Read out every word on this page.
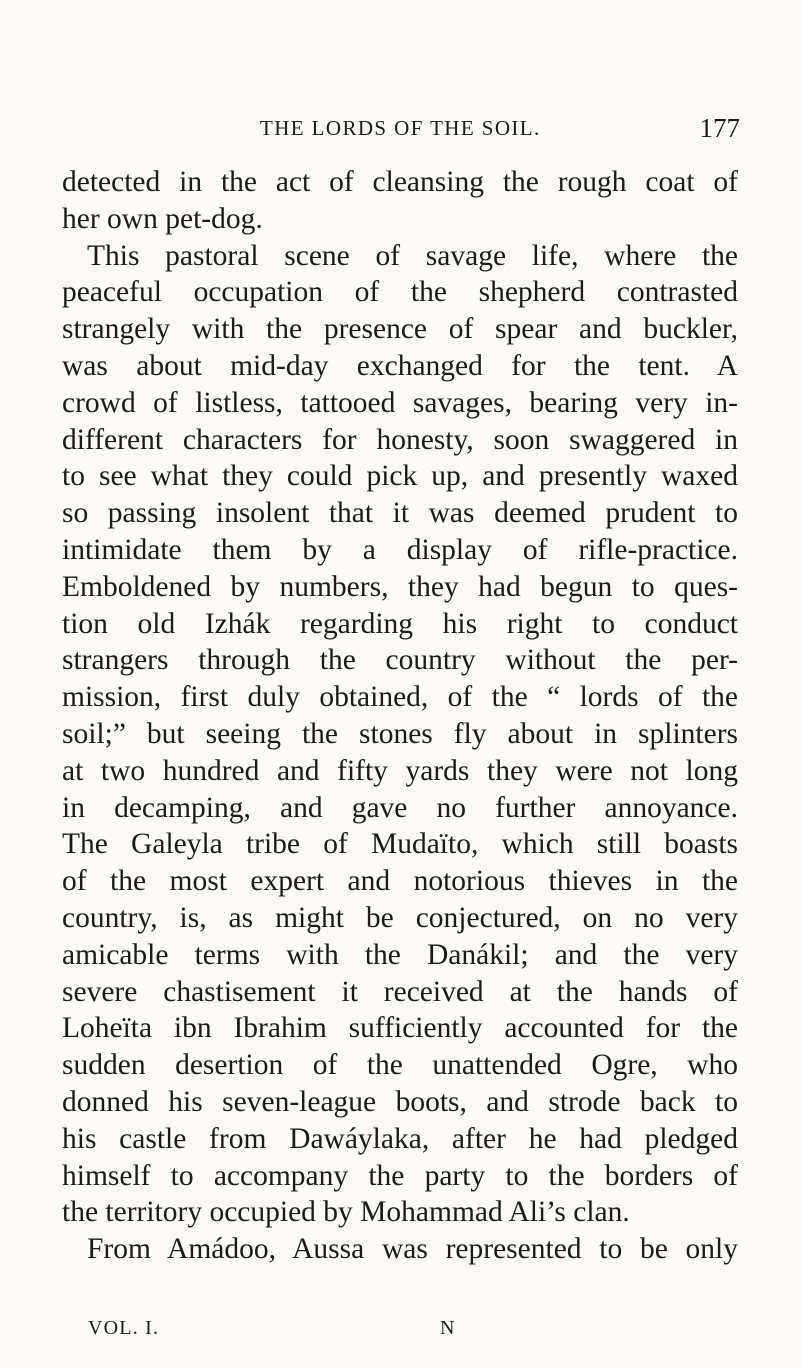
THE LORDS OF THE SOIL.	177
detected in the act of cleansing the rough coat of
her own pet-dog.
This pastoral scene of savage life, where the
peaceful occupation of the shepherd contrasted
strangely with the presence of spear and buckler,
was about mid-day exchanged for the tent. A
crowd of listless, tattooed savages, bearing very in-
different characters for honesty, soon swaggered in
to see what they could pick up, and presently waxed
so passing insolent that it was deemed prudent to
intimidate them by a display of rifle-practice.
Emboldened by numbers, they had begun to ques-
tion old Izhák regarding his right to conduct
strangers through the country without the per-
mission, first duly obtained, of the “ lords of the
soil;” but seeing the stones fly about in splinters
at two hundred and fifty yards they were not long
in decamping, and gave no further annoyance.
The Galeyla tribe of Mudaïto, which still boasts
of the most expert and notorious thieves in the
country, is, as might be conjectured, on no very
amicable terms with the Danákil; and the very
severe chastisement it received at the hands of
Loheïta ibn Ibrahim sufficiently accounted for the
sudden desertion of the unattended Ogre, who
donned his seven-league boots, and strode back to
his castle from Dawáylaka, after he had pledged
himself to accompany the party to the borders of
the territory occupied by Mohammad Ali’s clan.
From Amádoo, Aussa was represented to be only
VOL. I.	N
